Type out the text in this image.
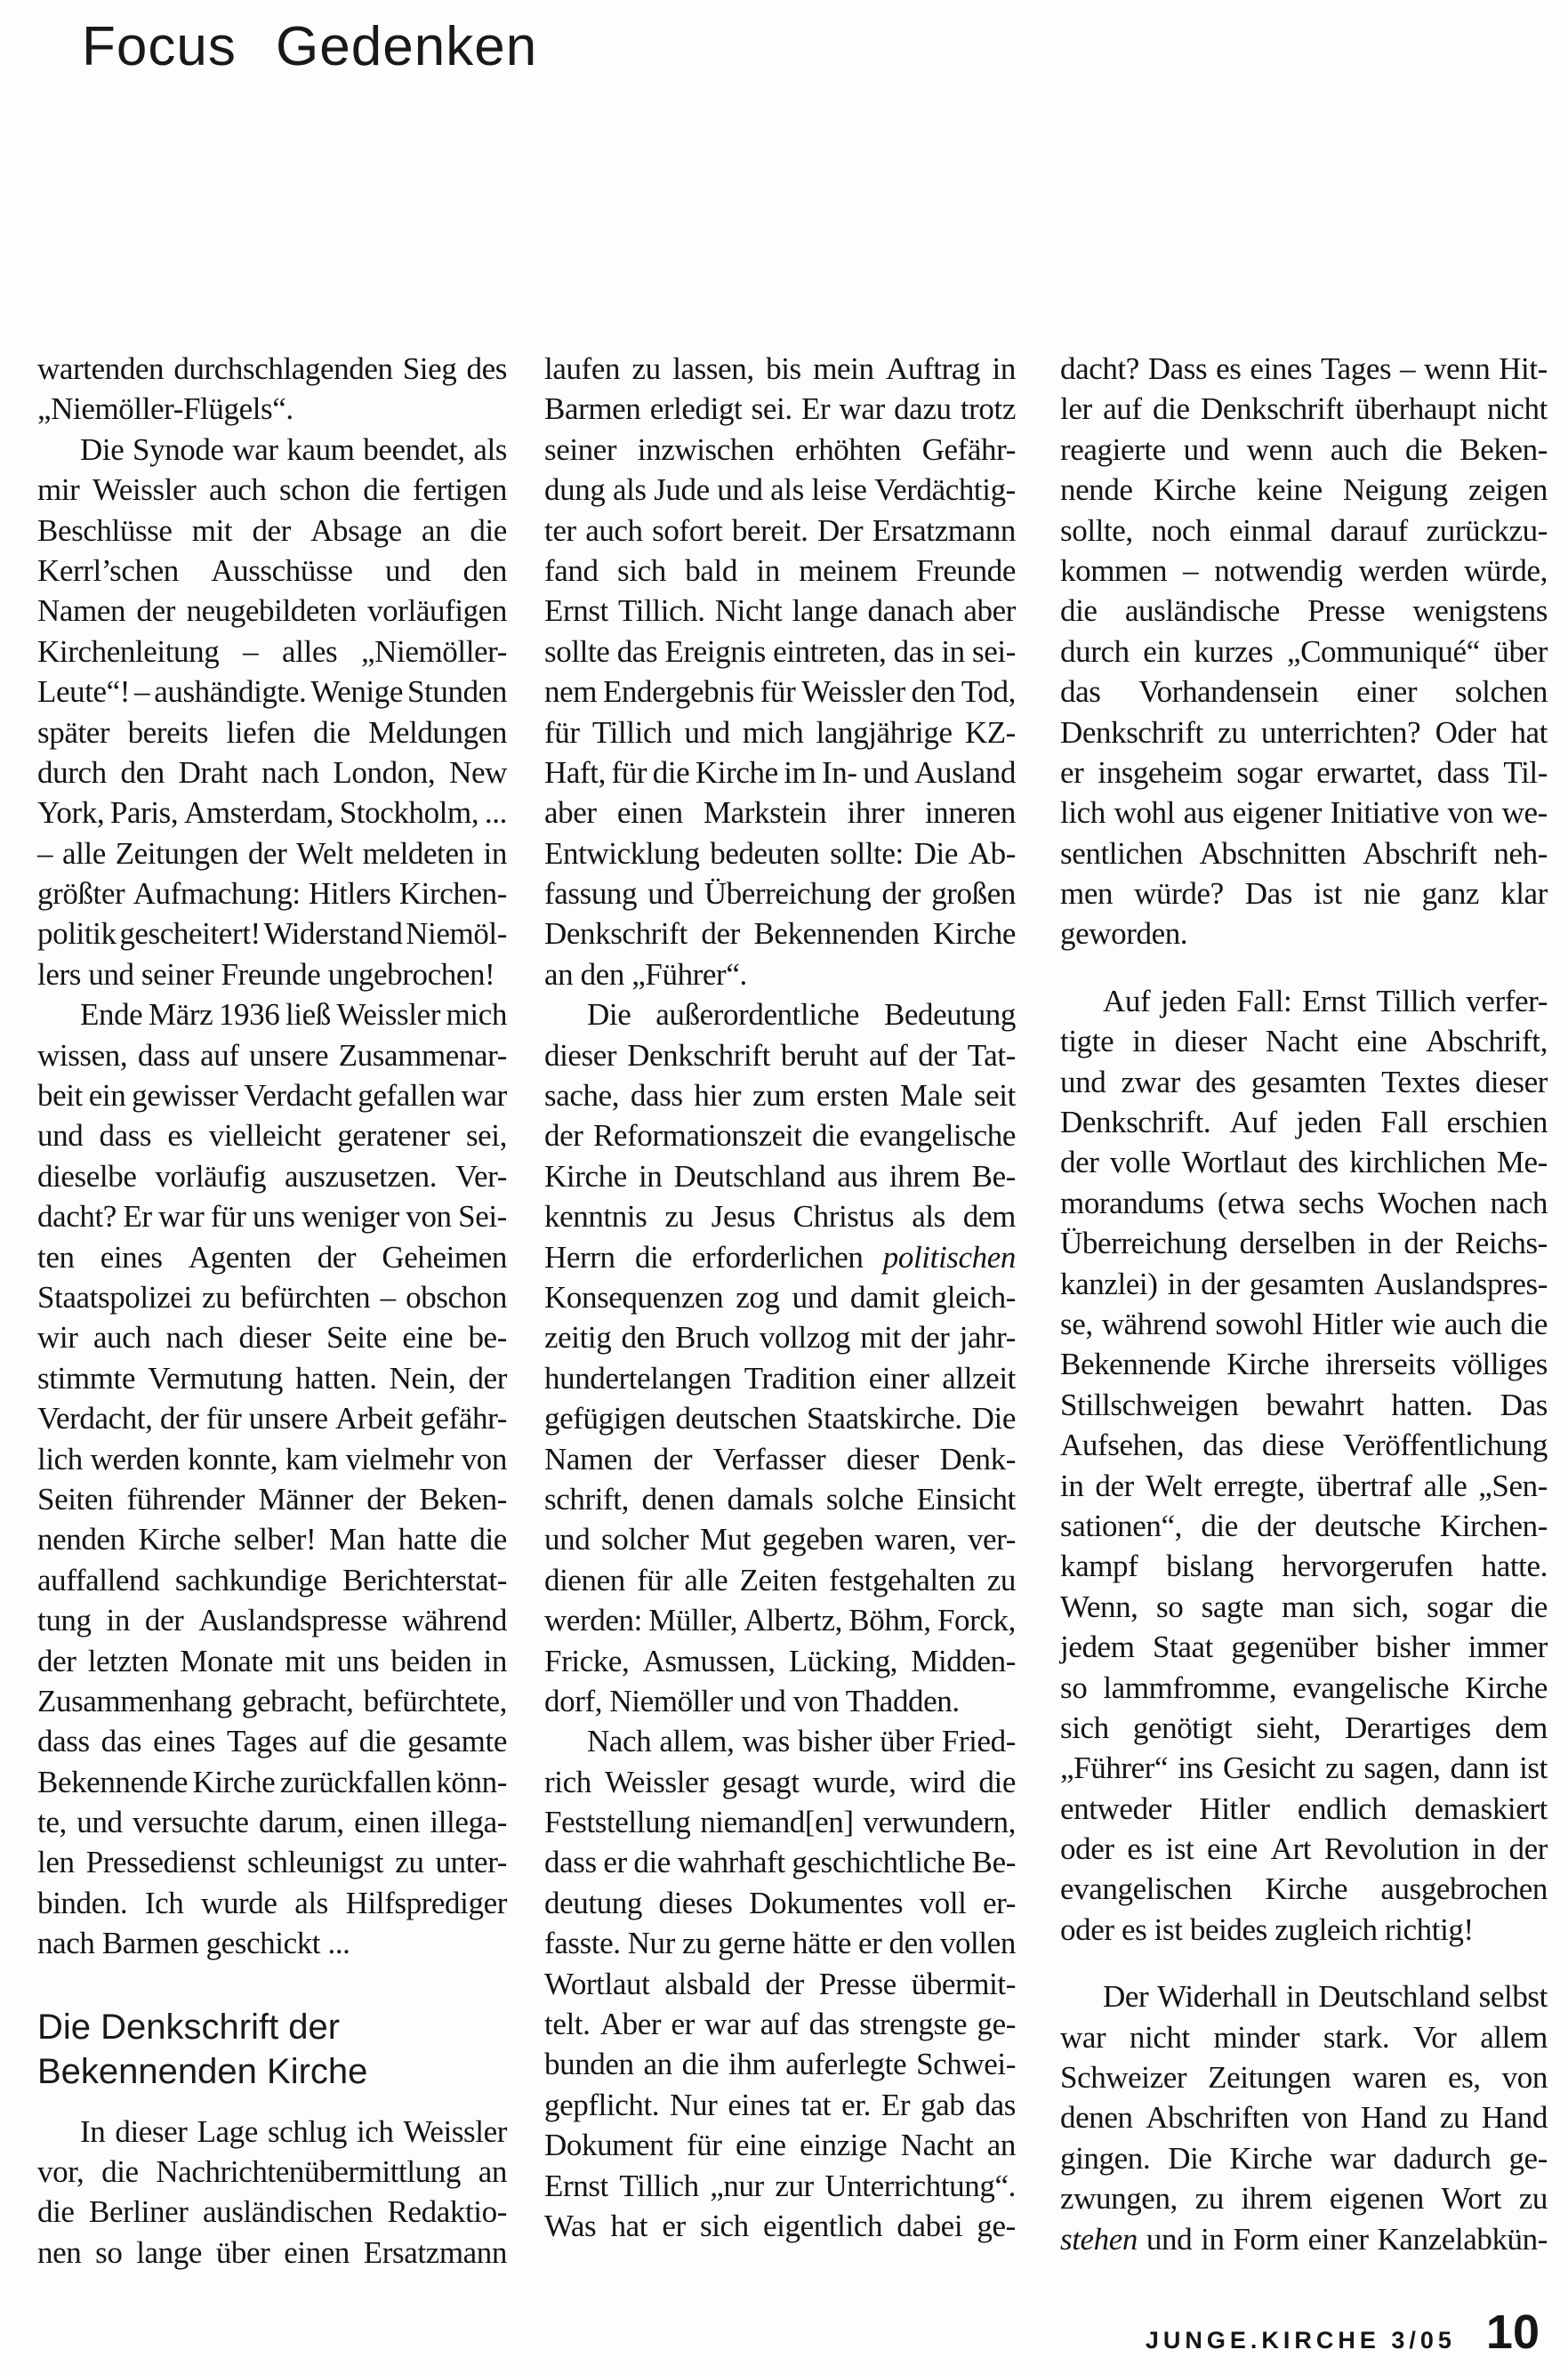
Focus Gedenken
wartenden durchschlagenden Sieg des
„Niemöller-Flügels“.
Die Synode war kaum beendet, als
mir Weissler auch schon die fertigen
Beschlüsse mit der Absage an die
Kerrl’schen Ausschüsse und den
Namen der neugebildeten vorläufigen
Kirchenleitung – alles „Niemöller-
Leute“! – aushändigte. Wenige Stunden
später bereits liefen die Meldungen
durch den Draht nach London, New
York, Paris, Amsterdam, Stockholm, ...
– alle Zeitungen der Welt meldeten in
größter Aufmachung: Hitlers Kirchen-
politik gescheitert! Widerstand Niemöl-
lers und seiner Freunde ungebrochen!
Ende März 1936 ließ Weissler mich
wissen, dass auf unsere Zusammenar-
beit ein gewisser Verdacht gefallen war
und dass es vielleicht geratener sei,
dieselbe vorläufig auszusetzen. Ver-
dacht? Er war für uns weniger von Sei-
ten eines Agenten der Geheimen
Staatspolizei zu befürchten – obschon
wir auch nach dieser Seite eine be-
stimmte Vermutung hatten. Nein, der
Verdacht, der für unsere Arbeit gefähr-
lich werden konnte, kam vielmehr von
Seiten führender Männer der Beken-
nenden Kirche selber! Man hatte die
auffallend sachkundige Berichterstat-
tung in der Auslandspresse während
der letzten Monate mit uns beiden in
Zusammenhang gebracht, befürchtete,
dass das eines Tages auf die gesamte
Bekennende Kirche zurückfallen könn-
te, und versuchte darum, einen illega-
len Pressedienst schleunigst zu unter-
binden. Ich wurde als Hilfsprediger
nach Barmen geschickt ...
Die Denkschrift der
Bekennenden Kirche
In dieser Lage schlug ich Weissler
vor, die Nachrichtenübermittlung an
die Berliner ausländischen Redaktio-
nen so lange über einen Ersatzmann
laufen zu lassen, bis mein Auftrag in
Barmen erledigt sei. Er war dazu trotz
seiner inzwischen erhöhten Gefähr-
dung als Jude und als leise Verdächtig-
ter auch sofort bereit. Der Ersatzmann
fand sich bald in meinem Freunde
Ernst Tillich. Nicht lange danach aber
sollte das Ereignis eintreten, das in sei-
nem Endergebnis für Weissler den Tod,
für Tillich und mich langjährige KZ-
Haft, für die Kirche im In- und Ausland
aber einen Markstein ihrer inneren
Entwicklung bedeuten sollte: Die Ab-
fassung und Überreichung der großen
Denkschrift der Bekennenden Kirche
an den „Führer“.
Die außerordentliche Bedeutung
dieser Denkschrift beruht auf der Tat-
sache, dass hier zum ersten Male seit
der Reformationszeit die evangelische
Kirche in Deutschland aus ihrem Be-
kenntnis zu Jesus Christus als dem
Herrn die erforderlichen politischen
Konsequenzen zog und damit gleich-
zeitig den Bruch vollzog mit der jahr-
hundertelangen Tradition einer allzeit
gefügigen deutschen Staatskirche. Die
Namen der Verfasser dieser Denk-
schrift, denen damals solche Einsicht
und solcher Mut gegeben waren, ver-
dienen für alle Zeiten festgehalten zu
werden: Müller, Albertz, Böhm, Forck,
Fricke, Asmussen, Lücking, Midden-
dorf, Niemöller und von Thadden.
Nach allem, was bisher über Fried-
rich Weissler gesagt wurde, wird die
Feststellung niemand[en] verwundern,
dass er die wahrhaft geschichtliche Be-
deutung dieses Dokumentes voll er-
fasste. Nur zu gerne hätte er den vollen
Wortlaut alsbald der Presse übermit-
telt. Aber er war auf das strengste ge-
bunden an die ihm auferlegte Schwei-
gepflicht. Nur eines tat er. Er gab das
Dokument für eine einzige Nacht an
Ernst Tillich „nur zur Unterrichtung“.
Was hat er sich eigentlich dabei ge-
dacht? Dass es eines Tages – wenn Hit-
ler auf die Denkschrift überhaupt nicht
reagierte und wenn auch die Beken-
nende Kirche keine Neigung zeigen
sollte, noch einmal darauf zurückzu-
kommen – notwendig werden würde,
die ausländische Presse wenigstens
durch ein kurzes „Communiqué“ über
das Vorhandensein einer solchen
Denkschrift zu unterrichten? Oder hat
er insgeheim sogar erwartet, dass Til-
lich wohl aus eigener Initiative von we-
sentlichen Abschnitten Abschrift neh-
men würde? Das ist nie ganz klar
geworden.
Auf jeden Fall: Ernst Tillich verfer-
tigte in dieser Nacht eine Abschrift,
und zwar des gesamten Textes dieser
Denkschrift. Auf jeden Fall erschien
der volle Wortlaut des kirchlichen Me-
morandums (etwa sechs Wochen nach
Überreichung derselben in der Reichs-
kanzlei) in der gesamten Auslandspres-
se, während sowohl Hitler wie auch die
Bekennende Kirche ihrerseits völliges
Stillschweigen bewahrt hatten. Das
Aufsehen, das diese Veröffentlichung
in der Welt erregte, übertraf alle „Sen-
sationen“, die der deutsche Kirchen-
kampf bislang hervorgerufen hatte.
Wenn, so sagte man sich, sogar die
jedem Staat gegenüber bisher immer
so lammfromme, evangelische Kirche
sich genötigt sieht, Derartiges dem
„Führer“ ins Gesicht zu sagen, dann ist
entweder Hitler endlich demaskiert
oder es ist eine Art Revolution in der
evangelischen Kirche ausgebrochen
oder es ist beides zugleich richtig!
Der Widerhall in Deutschland selbst
war nicht minder stark. Vor allem
Schweizer Zeitungen waren es, von
denen Abschriften von Hand zu Hand
gingen. Die Kirche war dadurch ge-
zwungen, zu ihrem eigenen Wort zu
stehen und in Form einer Kanzelabkün-
JUNGE.KIRCHE 3/05 10
